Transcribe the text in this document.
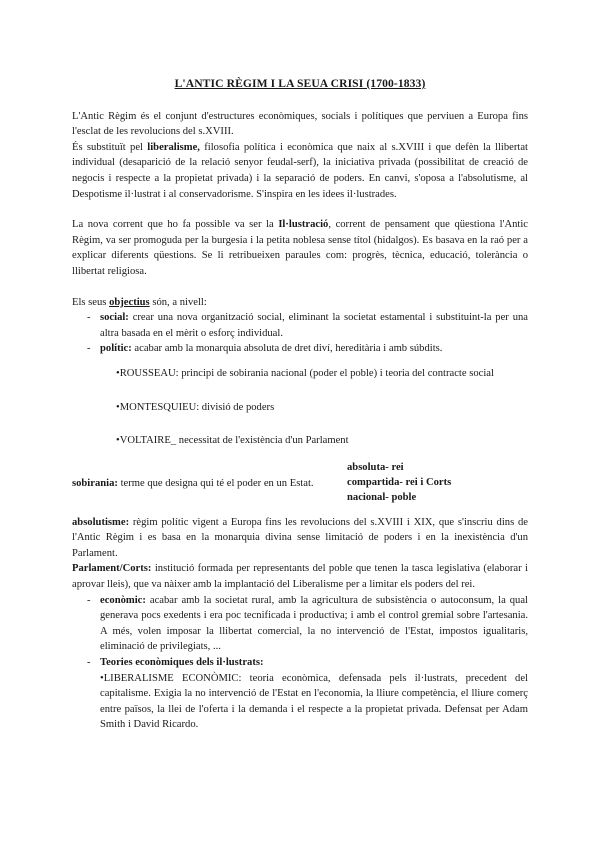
L'ANTIC RÈGIM I LA SEUA CRISI (1700-1833)

L'Antic Règim és el conjunt d'estructures econòmiques, socials i polítiques que perviuen a Europa fins l'esclat de les revolucions del s.XVIII.

És substituït pel liberalisme, filosofia política i econòmica que naix al s.XVIII i que defèn la llibertat individual (desaparició de la relació senyor feudal-serf), la iniciativa privada (possibilitat de creació de negocis i respecte a la propietat privada) i la separació de poders. En canvi, s'oposa a l'absolutisme, al Despotisme il·lustrat i al conservadorisme. S'inspira en les idees il·lustrades.

La nova corrent que ho fa possible va ser la Il·lustració, corrent de pensament que qüestiona l'Antic Règim, va ser promoguda per la burgesia i la petita noblesa sense títol (hidalgos). Es basava en la raó per a explicar diferents qüestions. Se li retribueixen paraules com: progrès, tècnica, educació, tolerància o llibertat religiosa.

Els seus objectius són, a nivell:

- social: crear una nova organització social, eliminant la societat estamental i substituint-la per una altra basada en el mèrit o esforç individual.
- polític: acabar amb la monarquia absoluta de dret diví, hereditària i amb súbdits.

•ROUSSEAU: principi de sobirania nacional (poder el poble) i teoria del contracte social

•MONTESQUIEU: divisió de poders

•VOLTAIRE_ necessitat de l'existència d'un Parlament

sobirania: terme que designa qui té el poder en un Estat.
absoluta- rei
compartida- rei i Corts
nacional- poble

absolutisme: règim polític vigent a Europa fins les revolucions del s.XVIII i XIX, que s'inscriu dins de l'Antic Règim i es basa en la monarquia divina sense limitació de poders i en la inexistència d'un Parlament.

Parlament/Corts: institució formada per representants del poble que tenen la tasca legislativa (elaborar i aprovar lleis), que va nàixer amb la implantació del Liberalisme per a limitar els poders del rei.

- econòmic: acabar amb la societat rural, amb la agricultura de subsistència o autoconsum, la qual generava pocs exedents i era poc tecnificada i productiva; i amb el control gremial sobre l'artesania. A més, volen imposar la llibertat comercial, la no intervenció de l'Estat, impostos igualitaris, eliminació de privilegiats, ...
- Teories econòmiques dels il·lustrats:

•LIBERALISME ECONÒMIC: teoria econòmica, defensada pels il·lustrats, precedent del capitalisme. Exigia la no intervenció de l'Estat en l'economia, la lliure competència, el lliure comerç entre països, la llei de l'oferta i la demanda i el respecte a la propietat privada. Defensat per Adam Smith i David Ricardo.
